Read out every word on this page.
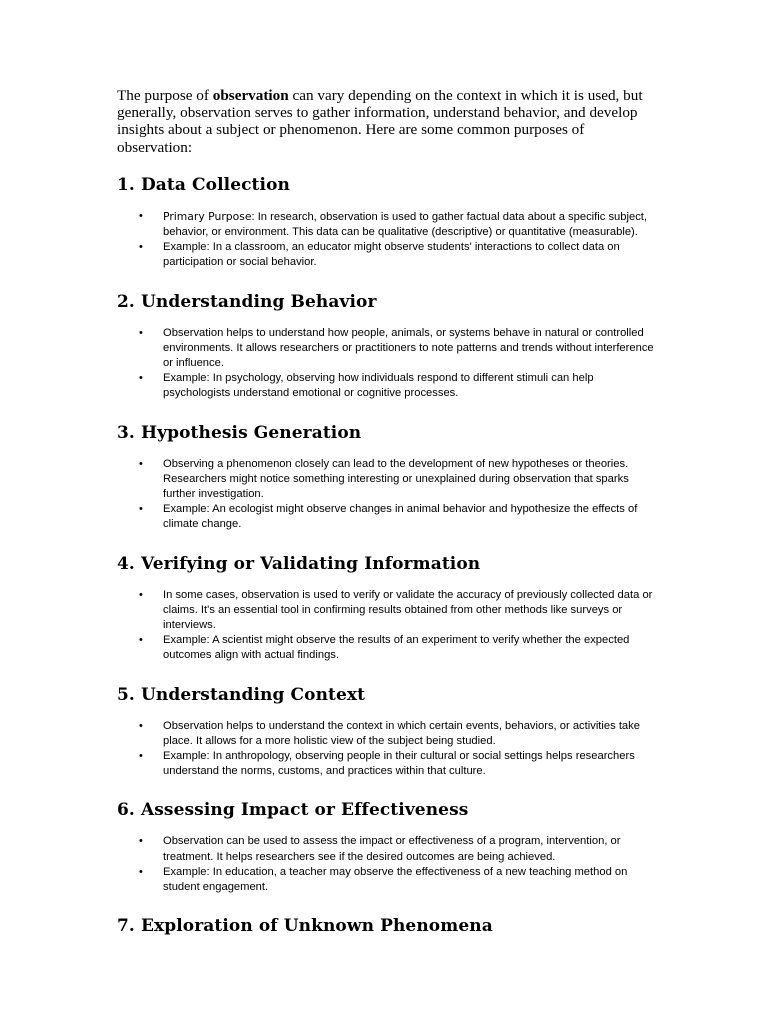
The purpose of observation can vary depending on the context in which it is used, but generally, observation serves to gather information, understand behavior, and develop insights about a subject or phenomenon. Here are some common purposes of observation:

1. Data Collection
• Primary Purpose: In research, observation is used to gather factual data about a specific subject, behavior, or environment. This data can be qualitative (descriptive) or quantitative (measurable).
• Example: In a classroom, an educator might observe students' interactions to collect data on participation or social behavior.
2. Understanding Behavior
• Observation helps to understand how people, animals, or systems behave in natural or controlled environments. It allows researchers or practitioners to note patterns and trends without interference or influence.
• Example: In psychology, observing how individuals respond to different stimuli can help psychologists understand emotional or cognitive processes.
3. Hypothesis Generation
• Observing a phenomenon closely can lead to the development of new hypotheses or theories. Researchers might notice something interesting or unexplained during observation that sparks further investigation.
• Example: An ecologist might observe changes in animal behavior and hypothesize the effects of climate change.
4. Verifying or Validating Information
• In some cases, observation is used to verify or validate the accuracy of previously collected data or claims. It's an essential tool in confirming results obtained from other methods like surveys or interviews.
• Example: A scientist might observe the results of an experiment to verify whether the expected outcomes align with actual findings.
5. Understanding Context
• Observation helps to understand the context in which certain events, behaviors, or activities take place. It allows for a more holistic view of the subject being studied.
• Example: In anthropology, observing people in their cultural or social settings helps researchers understand the norms, customs, and practices within that culture.
6. Assessing Impact or Effectiveness
• Observation can be used to assess the impact or effectiveness of a program, intervention, or treatment. It helps researchers see if the desired outcomes are being achieved.
• Example: In education, a teacher may observe the effectiveness of a new teaching method on student engagement.
7. Exploration of Unknown Phenomena
